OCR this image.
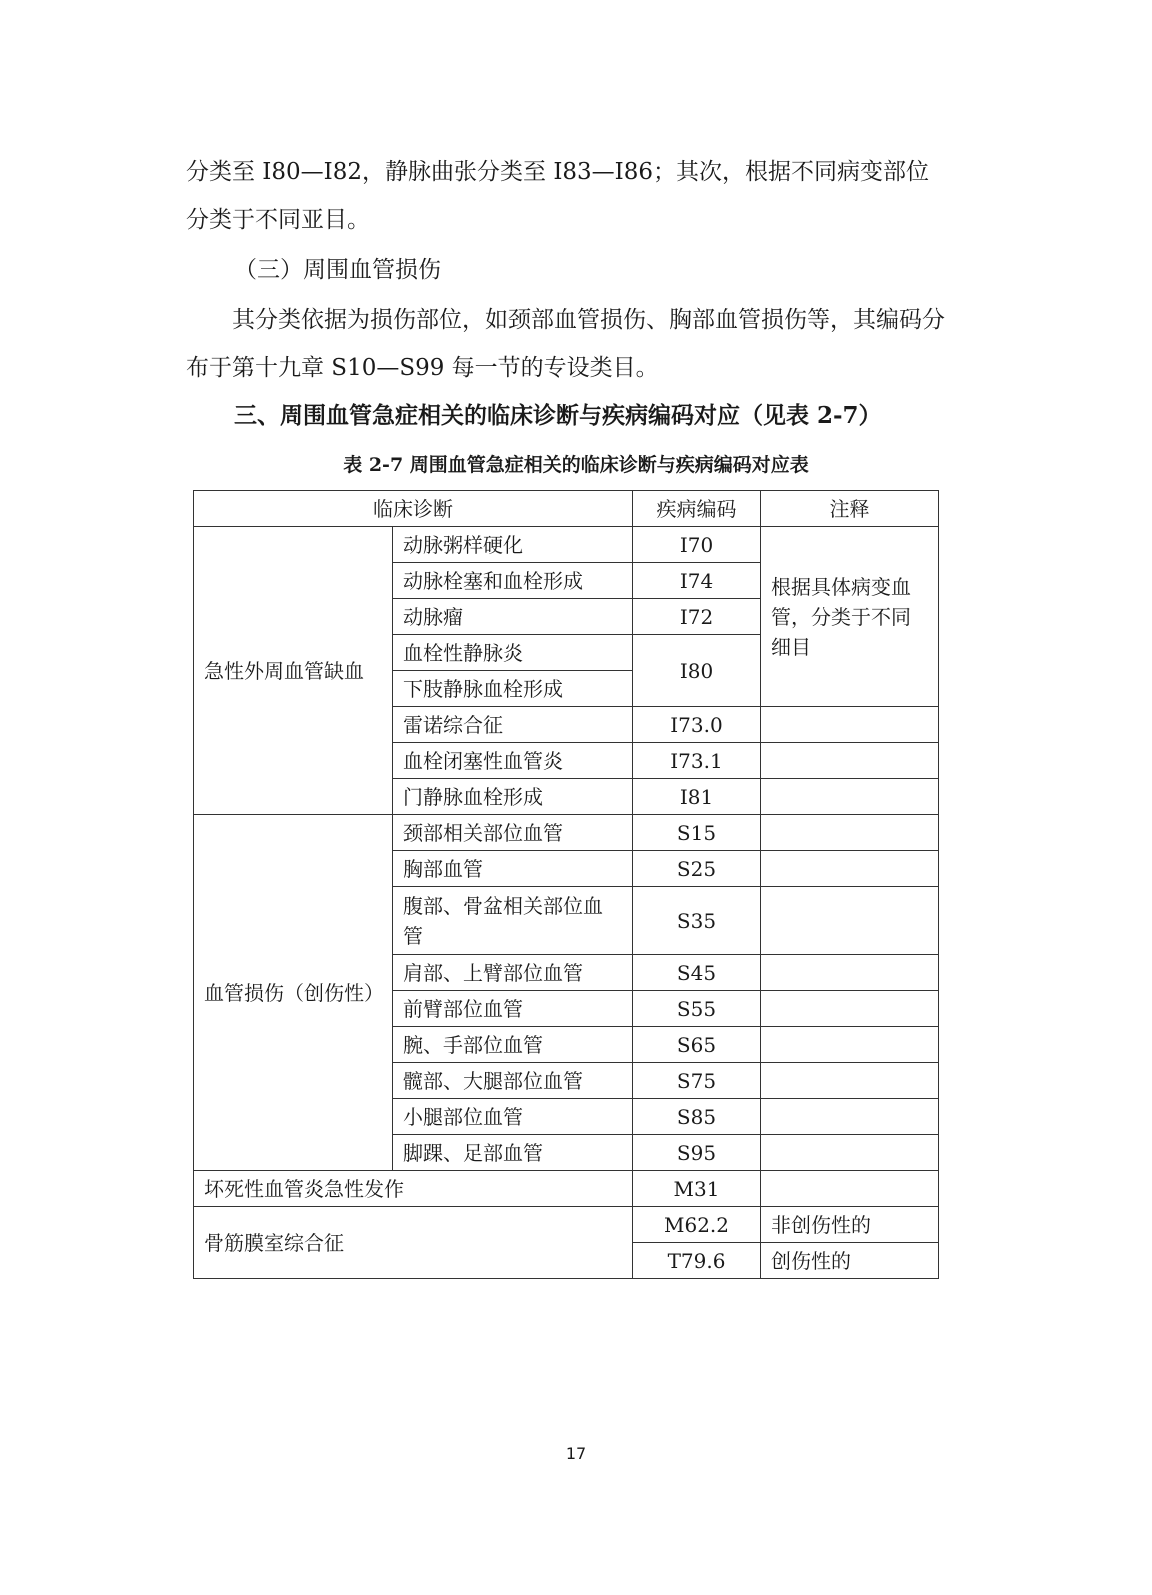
分类至 I80—I82，静脉曲张分类至 I83—I86；其次，根据不同病变部位分类于不同亚目。

（三）周围血管损伤

其分类依据为损伤部位，如颈部血管损伤、胸部血管损伤等，其编码分布于第十九章 S10—S99 每一节的专设类目。

三、周围血管急症相关的临床诊断与疾病编码对应（见表 2-7）

表 2-7 周围血管急症相关的临床诊断与疾病编码对应表

临床诊断		疾病编码	注释
急性外周血管缺血	动脉粥样硬化	I70	根据具体病变血管，分类于不同细目
	动脉栓塞和血栓形成	I74	
	动脉瘤	I72	
	血栓性静脉炎	I80	
	下肢静脉血栓形成		
	雷诺综合征	I73.0	
	血栓闭塞性血管炎	I73.1	
	门静脉血栓形成	I81	
血管损伤（创伤性）	颈部相关部位血管	S15	
	胸部血管	S25	
	腹部、骨盆相关部位血管	S35	
	肩部、上臂部位血管	S45	
	前臂部位血管	S55	
	腕、手部位血管	S65	
	髋部、大腿部位血管	S75	
	小腿部位血管	S85	
	脚踝、足部血管	S95	
坏死性血管炎急性发作		M31	
骨筋膜室综合征		M62.2	非创伤性的
		T79.6	创伤性的

17
